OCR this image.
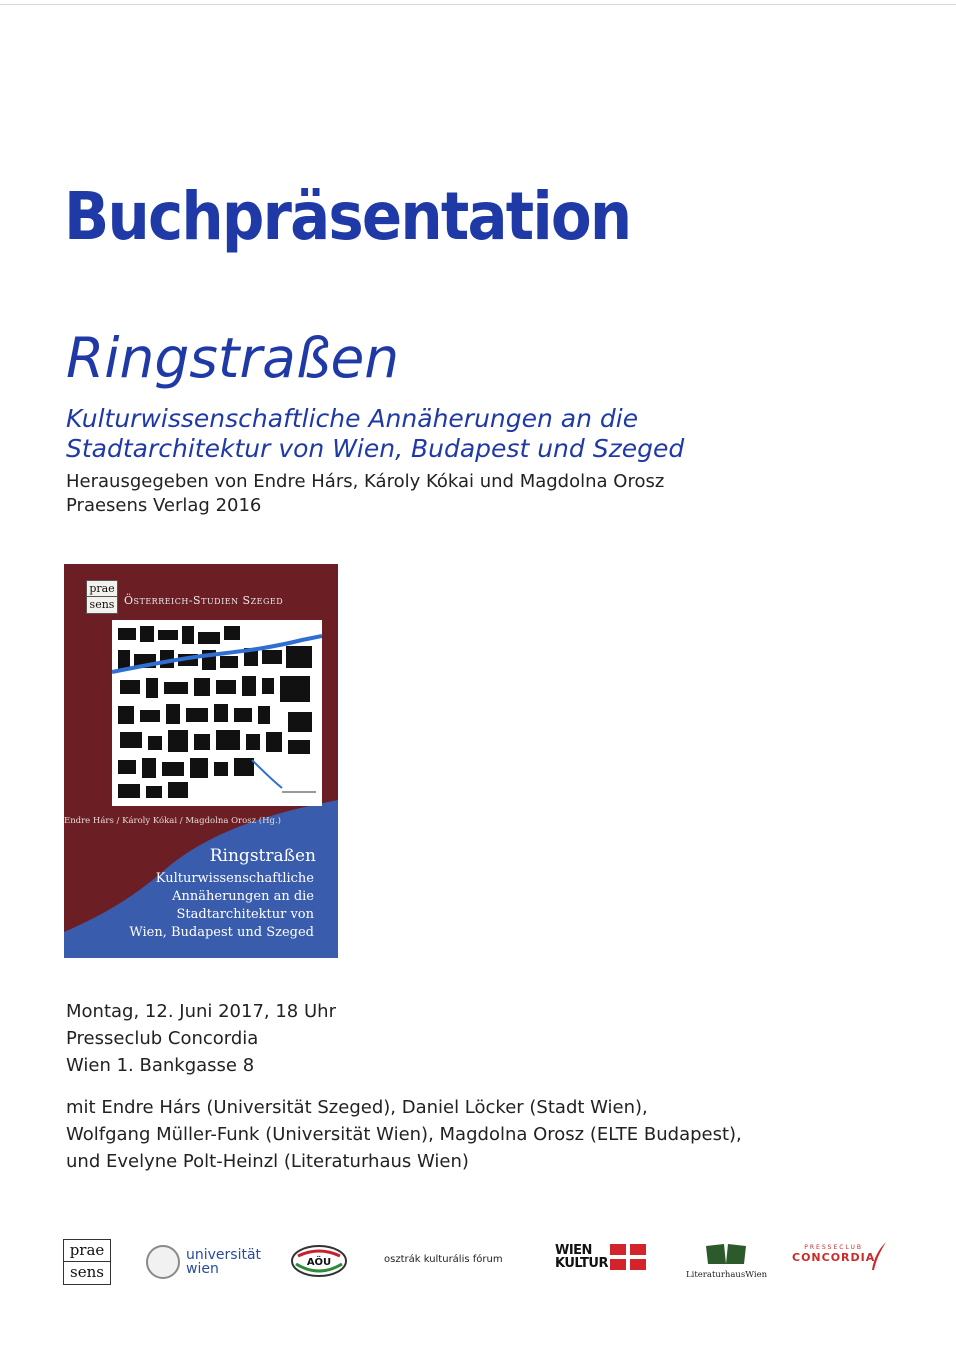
Buchpräsentation
Ringstraßen
Kulturwissenschaftliche Annäherungen an die
Stadtarchitektur von Wien, Budapest und Szeged
Herausgegeben von Endre Hárs, Károly Kókai und Magdolna Orosz
Praesens Verlag 2016
prae
sens Österreich-Studien Szeged
Endre Hárs / Károly Kókai / Magdolna Orosz (Hg.)
Ringstraßen
Kulturwissenschaftliche
Annäherungen an die
Stadtarchitektur von
Wien, Budapest und Szeged
Montag, 12. Juni 2017, 18 Uhr
Presseclub Concordia
Wien 1. Bankgasse 8
mit Endre Hárs (Universität Szeged), Daniel Löcker (Stadt Wien),
Wolfgang Müller-Funk (Universität Wien), Magdolna Orosz (ELTE Budapest),
und Evelyne Polt-Heinzl (Literaturhaus Wien)
prae
sens
universität
wien	AÖU	osztrák kulturális fórum
WIEN
KULTUR
LiteraturhausWien
PRESSECLUB
CONCORDIA
